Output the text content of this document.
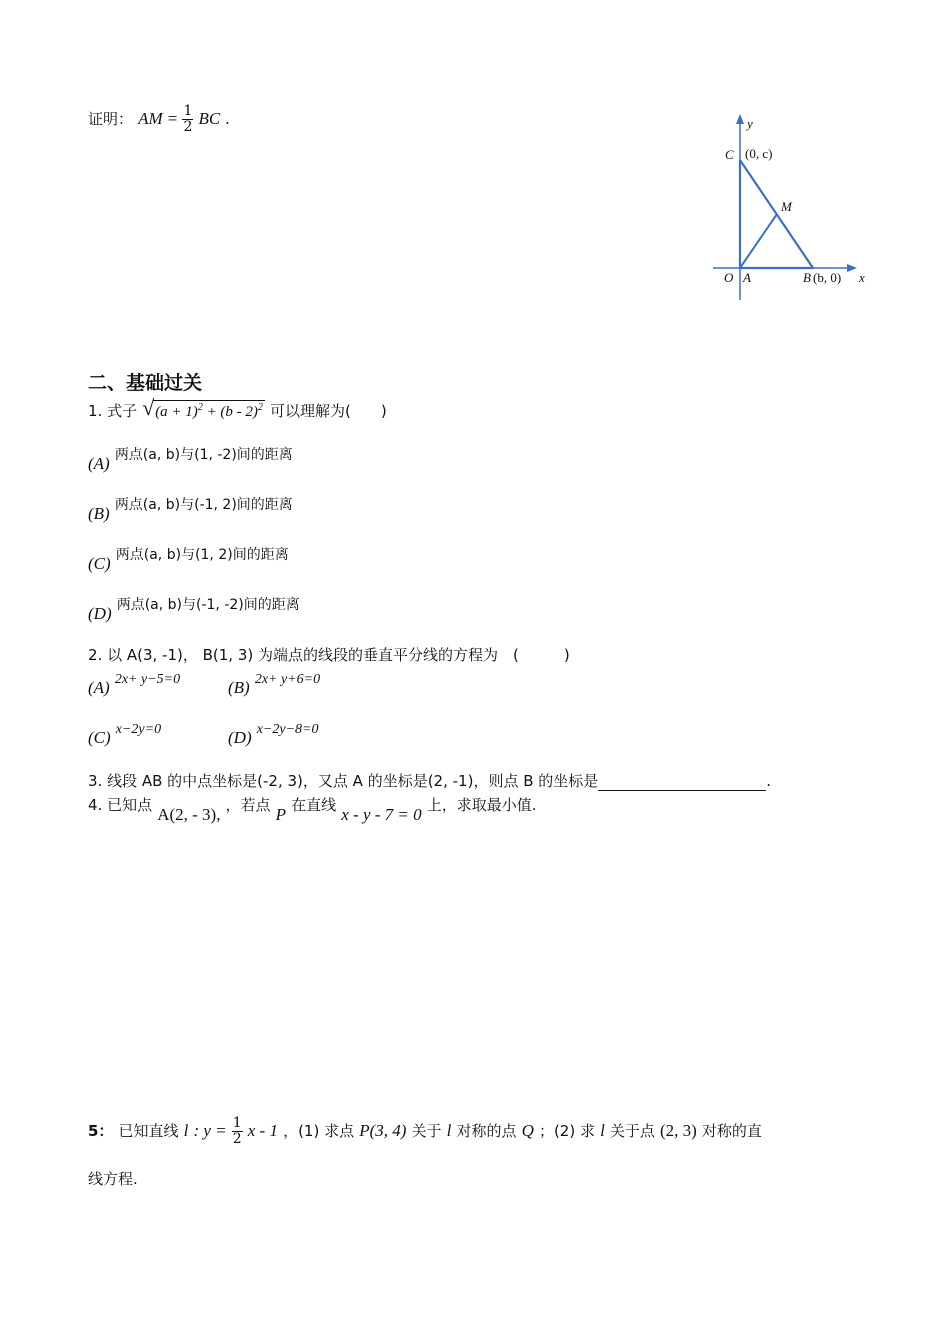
证明： AM = $\frac{1}{2}$ BC .	y
x
C (0, c)
M
O A	B (b, 0)
二、基础过关
1. 式子 √ $(a + 1)^2 + (b - 2)^2$ 可以理解为(　　)
(A) 两点(a, b)与(1, -2)间的距离
(B) 两点(a, b)与(-1, 2)间的距离
(C) 两点(a, b)与(1, 2)间的距离
(D) 两点(a, b)与(-1, -2)间的距离
2. 以 A(3, -1)， B(1, 3) 为端点的线段的垂直平分线的方程为　(　　　)
(A) 2x+ y−5=0	(B) 2x+ y+6=0
(C) x−2y=0	(D) x−2y−8=0
3. 线段 AB 的中点坐标是(-2, 3)，又点 A 的坐标是(2, -1)，则点 B 的坐标是	.
4. 已知点 A(2, - 3), ，若点 P 在直线 x - y - 7 = 0 上，求取最小值.
5： 已知直线 l : $y = \frac{1}{2}$ x - 1 ，(1) 求点 P(3, 4) 关于 l 对称的点 Q ；(2) 求 l 关于点 (2, 3) 对称的直
线方程.
